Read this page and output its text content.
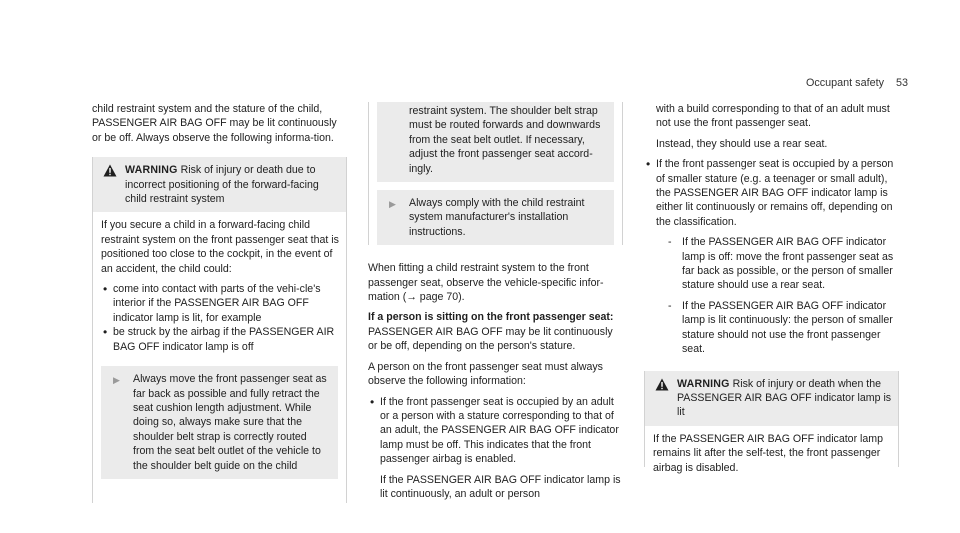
Occupant safety 53

child restraint system and the stature of the child, PASSENGER AIR BAG OFF may be lit continuously or be off. Always observe the following informa-tion.

WARNING Risk of injury or death due to incorrect positioning of the forward-facing child restraint system

If you secure a child in a forward-facing child restraint system on the front passenger seat that is positioned too close to the cockpit, in the event of an accident, the child could:

• come into contact with parts of the vehi-cle's interior if the PASSENGER AIR BAG OFF indicator lamp is lit, for example
• be struck by the airbag if the PASSENGER AIR BAG OFF indicator lamp is off
▶ Always move the front passenger seat as far back as possible and fully retract the seat cushion length adjustment. While doing so, always make sure that the shoulder belt strap is correctly routed from the seat belt outlet of the vehicle to the shoulder belt guide on the child

restraint system. The shoulder belt strap must be routed forwards and downwards from the seat belt outlet. If necessary, adjust the front passenger seat accord-ingly.

▶ Always comply with the child restraint system manufacturer's installation instructions.

When fitting a child restraint system to the front passenger seat, observe the vehicle-specific infor-mation (→ page 70).

If a person is sitting on the front passenger seat:

PASSENGER AIR BAG OFF may be lit continuously or be off, depending on the person's stature.

A person on the front passenger seat must always observe the following information:

• If the front passenger seat is occupied by an adult or a person with a stature corresponding to that of an adult, the PASSENGER AIR BAG OFF indicator lamp must be off. This indicates that the front passenger airbag is enabled.

If the PASSENGER AIR BAG OFF indicator lamp is lit continuously, an adult or person

with a build corresponding to that of an adult must not use the front passenger seat.

Instead, they should use a rear seat.

• If the front passenger seat is occupied by a person of smaller stature (e.g. a teenager or small adult), the PASSENGER AIR BAG OFF indicator lamp is either lit continuously or remains off, depending on the classification.

- If the PASSENGER AIR BAG OFF indicator lamp is off: move the front passenger seat as far back as possible, or the person of smaller stature should use a rear seat.
- If the PASSENGER AIR BAG OFF indicator lamp is lit continuously: the person of smaller stature should not use the front passenger seat.
WARNING Risk of injury or death when the PASSENGER AIR BAG OFF indicator lamp is lit

If the PASSENGER AIR BAG OFF indicator lamp remains lit after the self-test, the front passenger airbag is disabled.
